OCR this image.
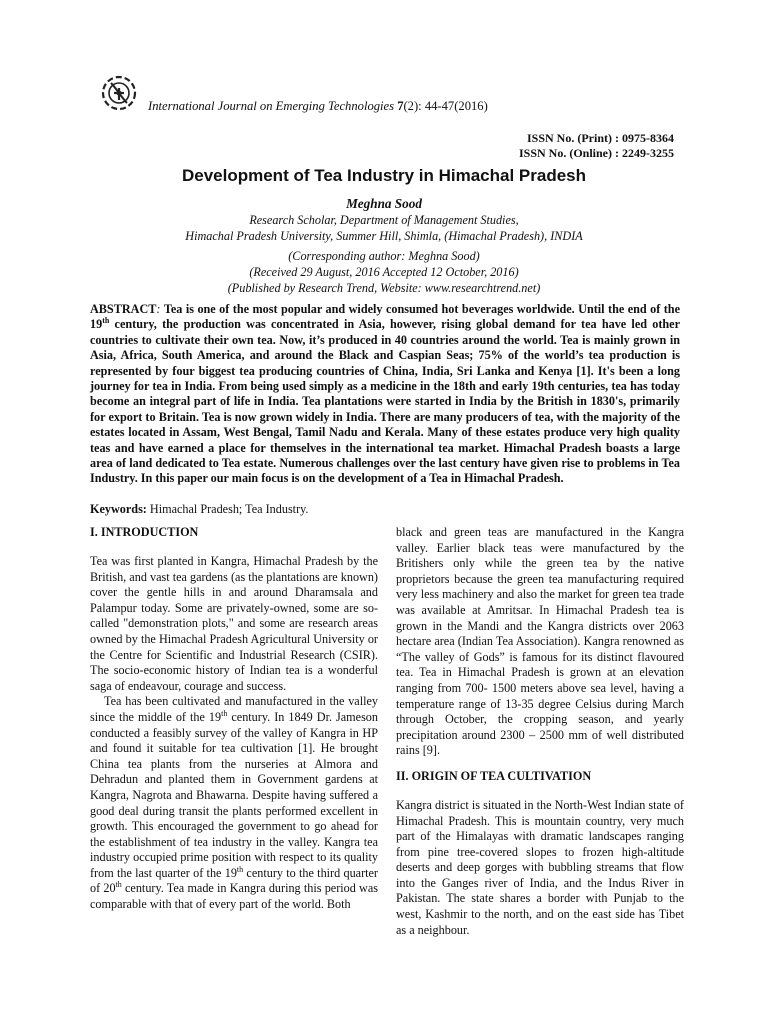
International Journal on Emerging Technologies 7(2): 44-47(2016)
ISSN No. (Print) : 0975-8364
ISSN No. (Online) : 2249-3255
Development of Tea Industry in Himachal Pradesh
Meghna Sood
Research Scholar, Department of Management Studies,
Himachal Pradesh University, Summer Hill, Shimla, (Himachal Pradesh), INDIA
(Corresponding author: Meghna Sood)
(Received 29 August, 2016 Accepted 12 October, 2016)
(Published by Research Trend, Website: www.researchtrend.net)
ABSTRACT: Tea is one of the most popular and widely consumed hot beverages worldwide. Until the end of the 19th century, the production was concentrated in Asia, however, rising global demand for tea have led other countries to cultivate their own tea. Now, it’s produced in 40 countries around the world. Tea is mainly grown in Asia, Africa, South America, and around the Black and Caspian Seas; 75% of the world’s tea production is represented by four biggest tea producing countries of China, India, Sri Lanka and Kenya [1]. It's been a long journey for tea in India. From being used simply as a medicine in the 18th and early 19th centuries, tea has today become an integral part of life in India. Tea plantations were started in India by the British in 1830's, primarily for export to Britain. Tea is now grown widely in India. There are many producers of tea, with the majority of the estates located in Assam, West Bengal, Tamil Nadu and Kerala. Many of these estates produce very high quality teas and have earned a place for themselves in the international tea market. Himachal Pradesh boasts a large area of land dedicated to Tea estate. Numerous challenges over the last century have given rise to problems in Tea Industry. In this paper our main focus is on the development of a Tea in Himachal Pradesh.
Keywords: Himachal Pradesh; Tea Industry.
I. INTRODUCTION

Tea was first planted in Kangra, Himachal Pradesh by the British, and vast tea gardens (as the plantations are known) cover the gentle hills in and around Dharamsala and Palampur today. Some are privately-owned, some are so-called "demonstration plots," and some are research areas owned by the Himachal Pradesh Agricultural University or the Centre for Scientific and Industrial Research (CSIR). The socio-economic history of Indian tea is a wonderful saga of endeavour, courage and success.

Tea has been cultivated and manufactured in the valley since the middle of the 19th century. In 1849 Dr. Jameson conducted a feasibly survey of the valley of Kangra in HP and found it suitable for tea cultivation [1]. He brought China tea plants from the nurseries at Almora and Dehradun and planted them in Government gardens at Kangra, Nagrota and Bhawarna. Despite having suffered a good deal during transit the plants performed excellent in growth. This encouraged the government to go ahead for the establishment of tea industry in the valley. Kangra tea industry occupied prime position with respect to its quality from the last quarter of the 19th century to the third quarter of 20th century. Tea made in Kangra during this period was comparable with that of every part of the world. Both

black and green teas are manufactured in the Kangra valley. Earlier black teas were manufactured by the Britishers only while the green tea by the native proprietors because the green tea manufacturing required very less machinery and also the market for green tea trade was available at Amritsar. In Himachal Pradesh tea is grown in the Mandi and the Kangra districts over 2063 hectare area (Indian Tea Association). Kangra renowned as “The valley of Gods” is famous for its distinct flavoured tea. Tea in Himachal Pradesh is grown at an elevation ranging from 700- 1500 meters above sea level, having a temperature range of 13-35 degree Celsius during March through October, the cropping season, and yearly precipitation around 2300 – 2500 mm of well distributed rains [9].

II. ORIGIN OF TEA CULTIVATION

Kangra district is situated in the North-West Indian state of Himachal Pradesh. This is mountain country, very much part of the Himalayas with dramatic landscapes ranging from pine tree-covered slopes to frozen high-altitude deserts and deep gorges with bubbling streams that flow into the Ganges river of India, and the Indus River in Pakistan. The state shares a border with Punjab to the west, Kashmir to the north, and on the east side has Tibet as a neighbour.
